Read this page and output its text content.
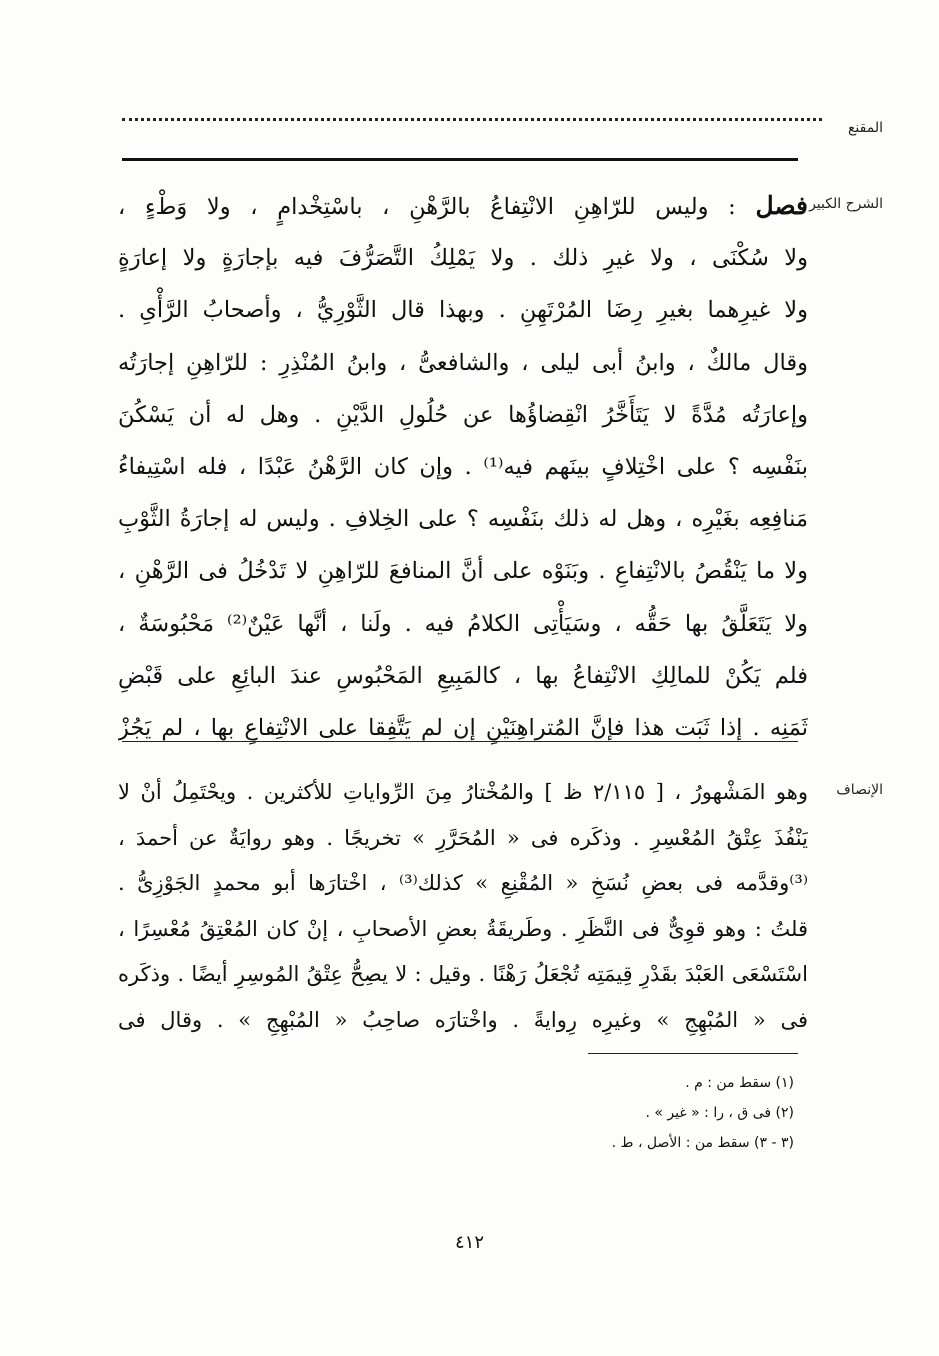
المقنع
الشرح الكبير
فصل : وليس للرّاهِنِ الانْتِفاعُ بالرَّهْنِ ، باسْتِخْدامٍ ، ولا وَطْءٍ ،
ولا سُكْنَى ، ولا غيرِ ذلك . ولا يَمْلِكُ التَّصَرُّفَ فيه بإجارَةٍ ولا إعارَةٍ
ولا غيرِهما بغيرِ رِضَا المُرْتَهِنِ . وبهذا قال الثَّوْرِيُّ ، وأصحابُ الرَّأْىِ .
وقال مالكٌ ، وابنُ أبى ليلى ، والشافعىُّ ، وابنُ المُنْذِرِ : للرّاهِنِ إجارَتُه
وإعارَتُه مُدَّةً لا يَتَأَخَّرُ انْقِضاؤُها عن حُلُولِ الدَّيْنِ . وهل له أن يَسْكُنَ
بنَفْسِه ؟ على اخْتِلافٍ بينَهم فيه⁽¹⁾ . وإن كان الرَّهْنُ عَبْدًا ، فله اسْتِيفاءُ
مَنافِعِه بغَيْرِه ، وهل له ذلك بنَفْسِه ؟ على الخِلافِ . وليس له إجارَةُ الثَّوْبِ
ولا ما يَنْقُصُ بالانْتِفاعِ . وبَنَوْه على أنَّ المنافعَ للرّاهِنِ لا تَدْخُلُ فى الرَّهْنِ ،
ولا يَتَعَلَّقُ بها حَقُّه ، وسَيَأْتِى الكلامُ فيه . ولَنا ، أنَّها عَيْنٌ⁽²⁾ مَحْبُوسَةٌ ،
فلم يَكُنْ للمالِكِ الانْتِفاعُ بها ، كالمَبِيعِ المَحْبُوسِ عندَ البائِعِ على قَبْضِ
ثَمَنِه . إذا ثَبَت هذا فإنَّ المُتراهِنَيْنِ إن لم يَتَّفِقا على الانْتِفاعِ بها ، لم يَجُزْ
الإنصاف
وهو المَشْهورُ ، [ ٢/١١٥ ظ ] والمُخْتارُ مِنَ الرِّواياتِ للأكثرين . ويحْتَمِلُ أنْ لا
يَنْفُذَ عِتْقُ المُعْسِرِ . وذكَره فى « المُحَرَّرِ » تخريجًا . وهو روايَةٌ عن أحمدَ ،
⁽³⁾وقدَّمه فى بعضِ نُسَخِ « المُقْنِعِ » كذلك⁽³⁾ ، اخْتارَها أبو محمدٍ الجَوْزِىُّ .
قلتُ : وهو قوِىٌّ فى النَّظَرِ . وطَريقَةُ بعضِ الأصحابِ ، إنْ كان المُعْتِقُ مُعْسِرًا ،
اسْتَسْعَى العَبْدَ بقَدْرِ قِيمَتِه تُجْعَلُ رَهْنًا . وقيل : لا يصِحُّ عِتْقُ المُوسِرِ أيضًا . وذكَره
فى « المُبْهِجِ » وغيرِه رِوايةً . واخْتارَه صاحِبُ « المُبْهِجِ » . وقال فى
(١) سقط من : م .
(٢) فى ق ، را : « غير » .
(٣ - ٣) سقط من : الأصل ، ط .
٤١٢
